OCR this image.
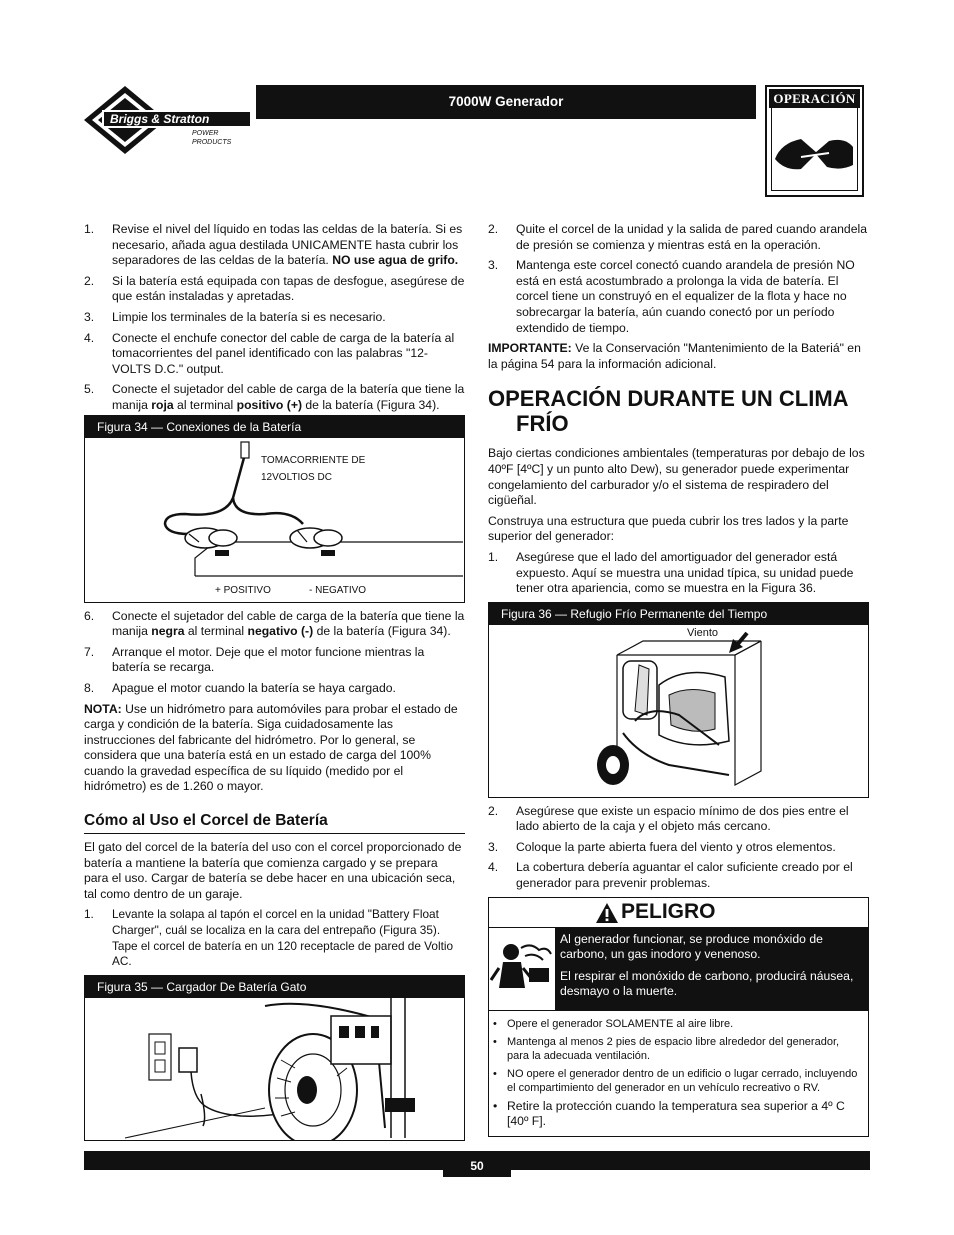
Briggs & Stratton
POWER PRODUCTS
7000W Generador	OPERACIÓN
1. Revise el nivel del líquido en todas las celdas de la batería. Si es necesario, añada agua destilada UNICAMENTE hasta cubrir los separadores de las celdas de la batería. NO use agua de grifo.
2. Si la batería está equipada con tapas de desfogue, asegúrese de que están instaladas y apretadas.
3. Limpie los terminales de la batería si es necesario.
4. Conecte el enchufe conector del cable de carga de la batería al tomacorrientes del panel identificado con las palabras "12-VOLTS D.C." output.
5. Conecte el sujetador del cable de carga de la batería que tiene la manija roja al terminal positivo (+) de la batería (Figura 34).
Figura 34 — Conexiones de la Batería
TOMACORRIENTE DE
12VOLTIOS DC
+ POSITIVO	- NEGATIVO
6. Conecte el sujetador del cable de carga de la batería que tiene la manija negra al terminal negativo (-) de la batería (Figura 34).
7. Arranque el motor. Deje que el motor funcione mientras la batería se recarga.
8. Apague el motor cuando la batería se haya cargado.
NOTA: Use un hidrómetro para automóviles para probar el estado de carga y condición de la batería. Siga cuidadosamente las instrucciones del fabricante del hidrómetro. Por lo general, se considera que una batería está en un estado de carga del 100% cuando la gravedad específica de su líquido (medido por el hidrómetro) es de 1.260 o mayor.
Cómo al Uso el Corcel de Batería
El gato del corcel de la batería del uso con el corcel proporcionado de batería a mantiene la batería que comienza cargado y se prepara para el uso. Cargar de batería se debe hacer en una ubicación seca, tal como dentro de un garaje.
1. Levante la solapa al tapón el corcel en la unidad "Battery Float Charger", cuál se localiza en la cara del entrepaño (Figura 35). Tape el corcel de batería en un 120 receptacle de pared de Voltio AC.
Figura 35 — Cargador De Batería Gato
2. Quite el corcel de la unidad y la salida de pared cuando arandela de presión se comienza y mientras está en la operación.
3. Mantenga este corcel conectó cuando arandela de presión NO está en está acostumbrado a prolonga la vida de batería. El corcel tiene un construyó en el equalizer de la flota y hace no sobrecargar la batería, aún cuando conectó por un período extendido de tiempo.
IMPORTANTE: Ve la Conservación "Mantenimiento de la Bateriá" en la página 54 para la información adicional.
OPERACIÓN DURANTE UN CLIMA FRÍO
Bajo ciertas condiciones ambientales (temperaturas por debajo de los 40ºF [4ºC] y un punto alto Dew), su generador puede experimentar congelamiento del carburador y/o el sistema de respiradero del cigüeñal.
Construya una estructura que pueda cubrir los tres lados y la parte superior del generador:
1. Asegúrese que el lado del amortiguador del generador está expuesto. Aquí se muestra una unidad típica, su unidad puede tener otra apariencia, como se muestra en la Figura 36.
Figura 36 — Refugio Frío Permanente del Tiempo
Viento
2. Asegúrese que existe un espacio mínimo de dos pies entre el lado abierto de la caja y el objeto más cercano.
3. Coloque la parte abierta fuera del viento y otros elementos.
4. La cobertura debería aguantar el calor suficiente creado por el generador para prevenir problemas.
PELIGRO

Al generador funcionar, se produce monóxido de carbono, un gas inodoro y venenoso.

El respirar el monóxido de carbono, producirá náusea, desmayo o la muerte.

• Opere el generador SOLAMENTE al aire libre.
• Mantenga al menos 2 pies de espacio libre alrededor del generador, para la adecuada ventilación.
• NO opere el generador dentro de un edificio o lugar cerrado, incluyendo el compartimiento del generador en un vehículo recreativo o RV.
• Retire la protección cuando la temperatura sea superior a 4º C [40º F].
50
